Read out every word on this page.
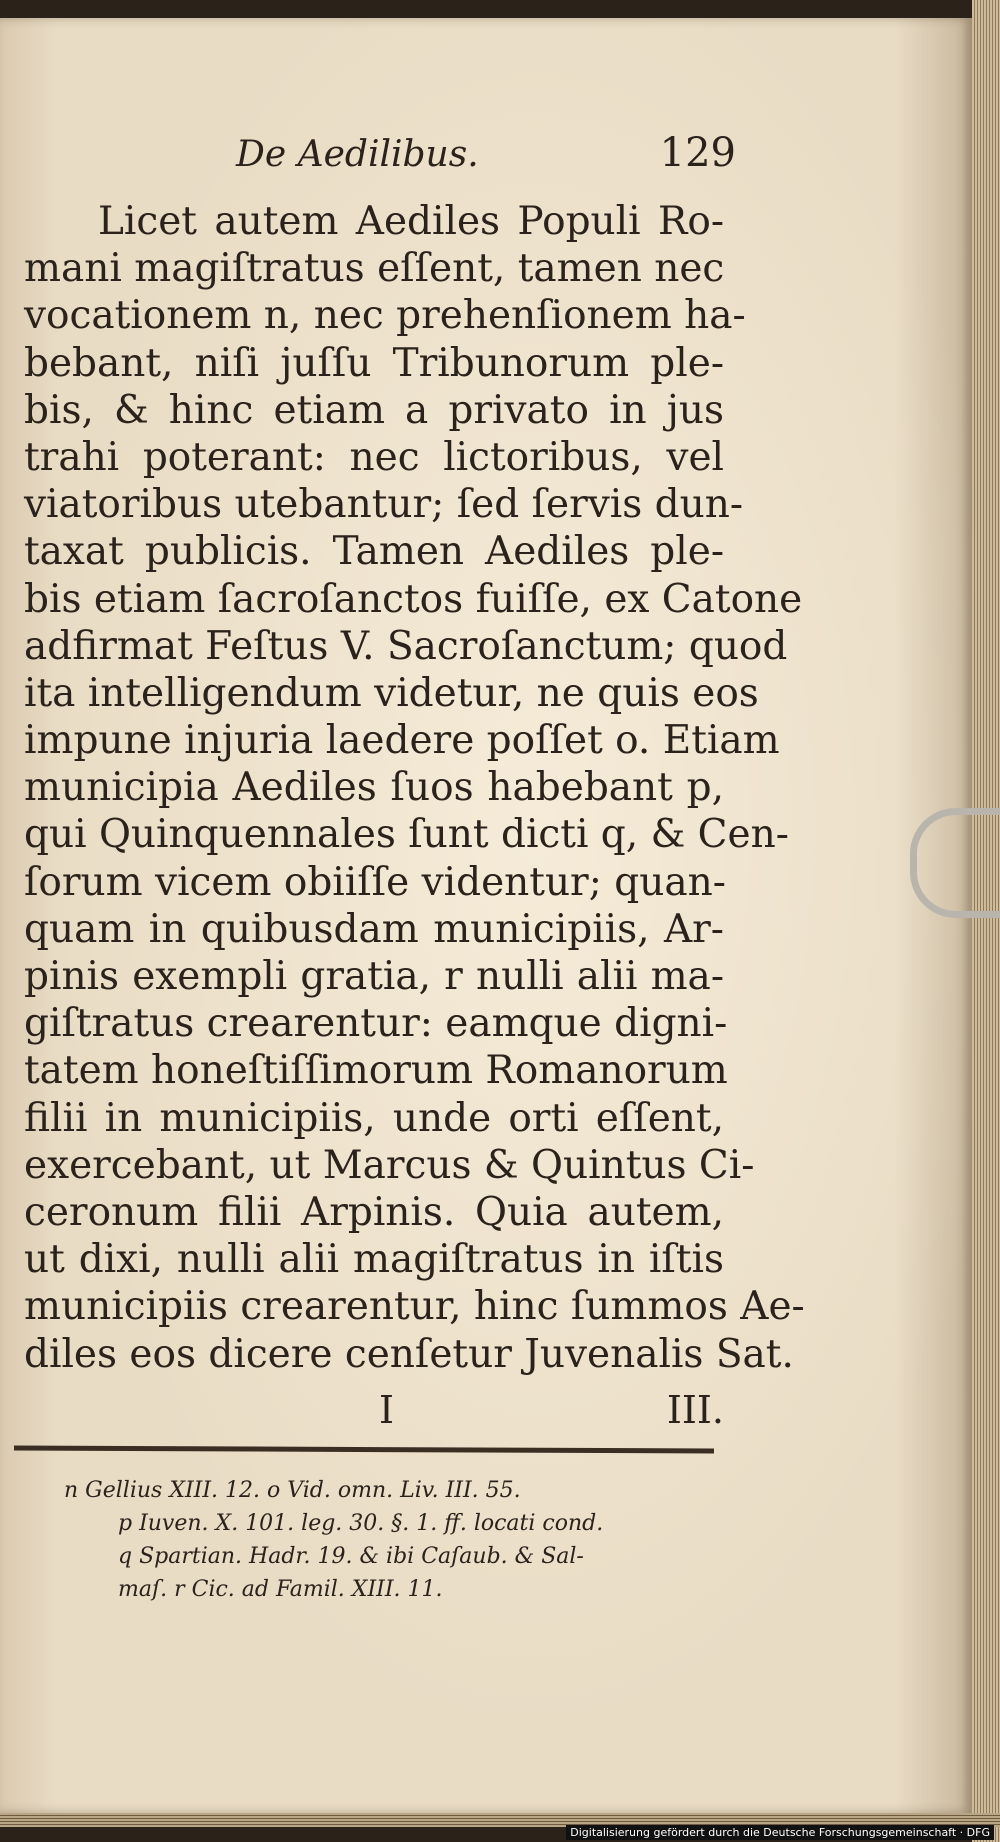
De Aedilibus.	129
Licet autem Aediles Populi Ro-
mani magiſtratus eſſent, tamen nec
vocationem n, nec prehenſionem ha-
bebant, niſi juſſu Tribunorum ple-
bis, & hinc etiam a privato in jus
trahi poterant: nec lictoribus, vel
viatoribus utebantur; ſed ſervis dun-
taxat publicis. Tamen Aediles ple-
bis etiam ſacroſanctos fuiſſe, ex Catone
adfirmat Feſtus V. Sacroſanctum; quod
ita intelligendum videtur, ne quis eos
impune injuria laedere poſſet o. Etiam
municipia Aediles ſuos habebant p,
qui Quinquennales ſunt dicti q, & Cen-
ſorum vicem obiiſſe videntur; quan-
quam in quibusdam municipiis, Ar-
pinis exempli gratia, r nulli alii ma-
giſtratus crearentur: eamque digni-
tatem honeſtiſſimorum Romanorum
filii in municipiis, unde orti eſſent,
exercebant, ut Marcus & Quintus Ci-
ceronum filii Arpinis. Quia autem,
ut dixi, nulli alii magiſtratus in iſtis
municipiis crearentur, hinc ſummos Ae-
diles eos dicere cenſetur Juvenalis Sat.
I	III.
n Gellius XIII. 12. o Vid. omn. Liv. III. 55.
p Iuven. X. 101. leg. 30. §. 1. ff. locati cond.
q Spartian. Hadr. 19. & ibi Caſaub. & Sal-
maſ. r Cic. ad Famil. XIII. 11.
Digitalisierung gefördert durch die Deutsche Forschungsgemeinschaft · DFG
